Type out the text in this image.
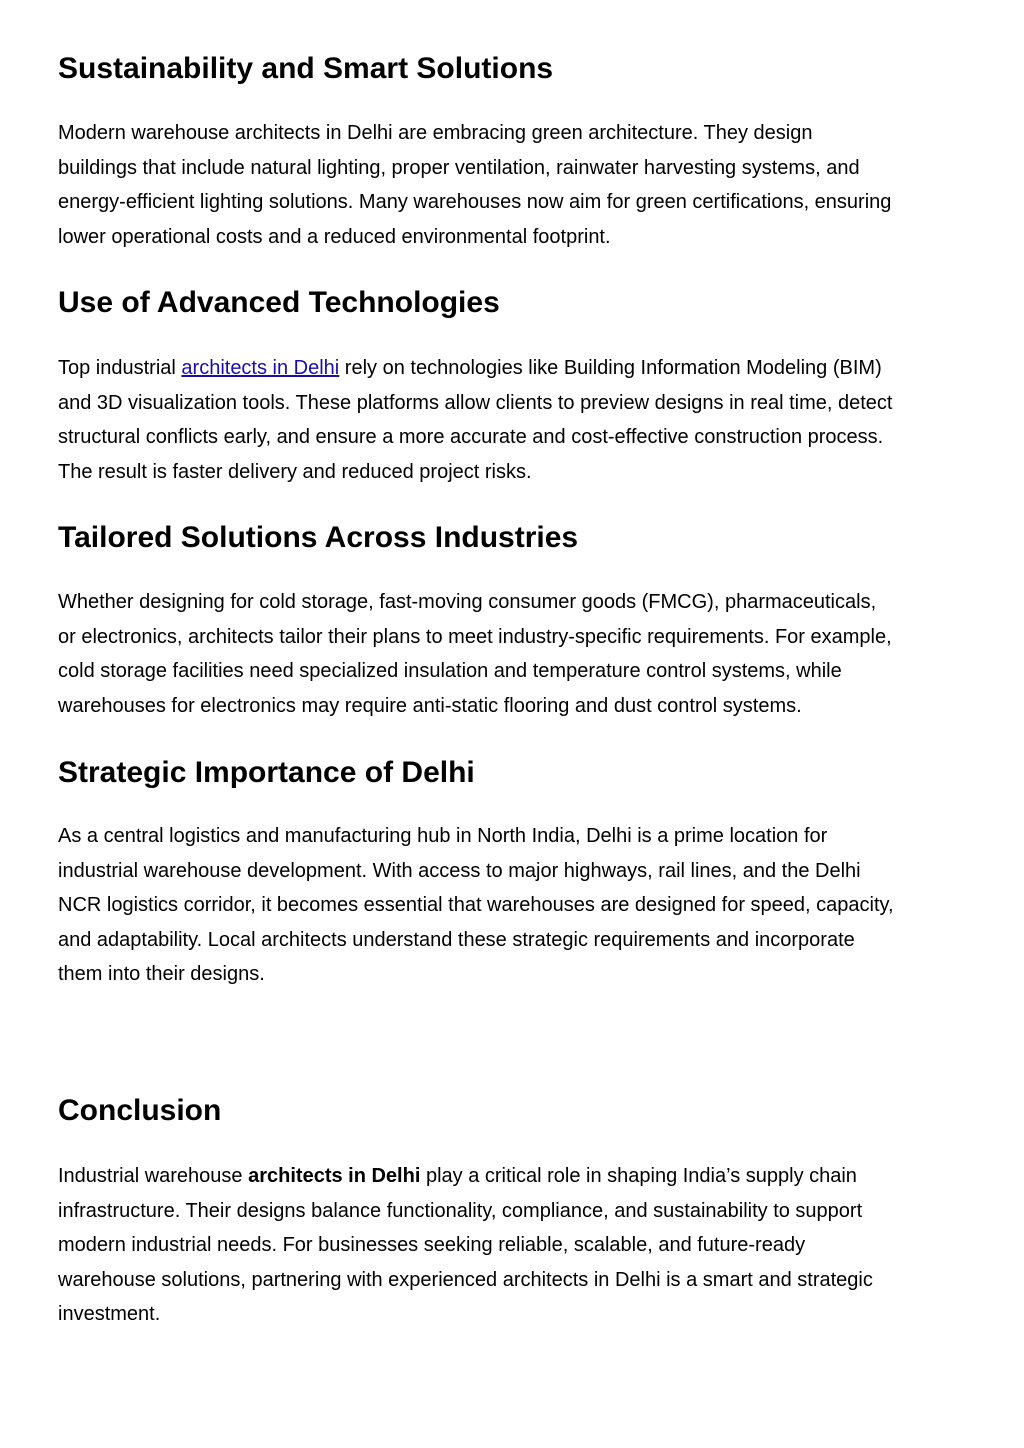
Sustainability and Smart Solutions

Modern warehouse architects in Delhi are embracing green architecture. They design
buildings that include natural lighting, proper ventilation, rainwater harvesting systems, and
energy-efficient lighting solutions. Many warehouses now aim for green certifications, ensuring
lower operational costs and a reduced environmental footprint.

Use of Advanced Technologies

Top industrial architects in Delhi rely on technologies like Building Information Modeling (BIM)
and 3D visualization tools. These platforms allow clients to preview designs in real time, detect
structural conflicts early, and ensure a more accurate and cost-effective construction process.
The result is faster delivery and reduced project risks.

Tailored Solutions Across Industries

Whether designing for cold storage, fast-moving consumer goods (FMCG), pharmaceuticals,
or electronics, architects tailor their plans to meet industry-specific requirements. For example,
cold storage facilities need specialized insulation and temperature control systems, while
warehouses for electronics may require anti-static flooring and dust control systems.

Strategic Importance of Delhi

As a central logistics and manufacturing hub in North India, Delhi is a prime location for
industrial warehouse development. With access to major highways, rail lines, and the Delhi
NCR logistics corridor, it becomes essential that warehouses are designed for speed, capacity,
and adaptability. Local architects understand these strategic requirements and incorporate
them into their designs.

Conclusion

Industrial warehouse architects in Delhi play a critical role in shaping India’s supply chain
infrastructure. Their designs balance functionality, compliance, and sustainability to support
modern industrial needs. For businesses seeking reliable, scalable, and future-ready
warehouse solutions, partnering with experienced architects in Delhi is a smart and strategic
investment.
